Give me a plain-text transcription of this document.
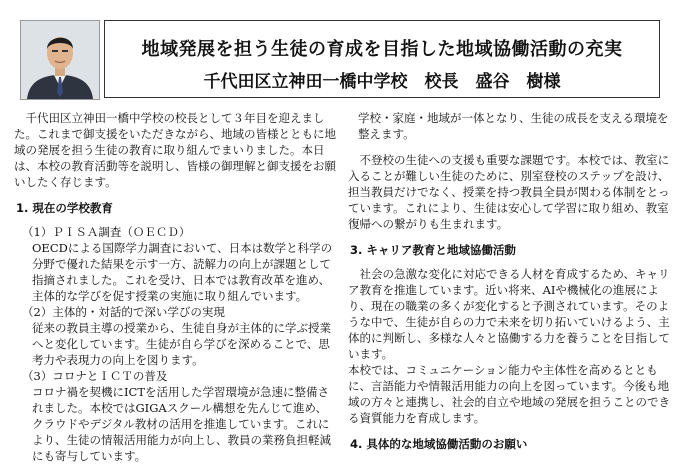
地域発展を担う生徒の育成を目指した地域協働活動の充実
千代田区立神田一橋中学校　校長　盛谷　樹様

千代田区立神田一橋中学校の校長として３年目を迎えました。これまで御支援をいただきながら、地域の皆様とともに地域の発展を担う生徒の教育に取り組んでまいりました。本日は、本校の教育活動等を説明し、皆様の御理解と御支援をお願いしたく存じます。

1. 現在の学校教育

（1）ＰＩＳＡ調査（ＯＥＣＤ）

OECDによる国際学力調査において、日本は数学と科学の分野で優れた結果を示す一方、読解力の向上が課題として指摘されました。これを受け、日本では教育改革を進め、主体的な学びを促す授業の実施に取り組んでいます。

（2）主体的・対話的で深い学びの実現

従来の教員主導の授業から、生徒自身が主体的に学ぶ授業へと変化しています。生徒が自ら学びを深めることで、思考力や表現力の向上を図ります。

（3）コロナとＩＣＴの普及

コロナ禍を契機にICTを活用した学習環境が急速に整備されました。本校ではGIGAスクール構想を先んじて進め、クラウドやデジタル教材の活用を推進しています。これにより、生徒の情報活用能力が向上し、教員の業務負担軽減にも寄与しています。

学校・家庭・地域が一体となり、生徒の成長を支える環境を整えます。

不登校の生徒への支援も重要な課題です。本校では、教室に入ることが難しい生徒のために、別室登校のステップを設け、担当教員だけでなく、授業を持つ教員全員が関わる体制をとっています。これにより、生徒は安心して学習に取り組め、教室復帰への繋がりも生まれます。

3. キャリア教育と地域協働活動

社会の急激な変化に対応できる人材を育成するため、キャリア教育を推進しています。近い将来、AIや機械化の進展により、現在の職業の多くが変化すると予測されています。そのような中で、生徒が自らの力で未来を切り拓いていけるよう、主体的に判断し、多様な人々と協働する力を養うことを目指しています。

本校では、コミュニケーション能力や主体性を高めるとともに、言語能力や情報活用能力の向上を図っています。今後も地域の方々と連携し、社会的自立や地域の発展を担うことのできる資質能力を育成します。

4. 具体的な地域協働活動のお願い
